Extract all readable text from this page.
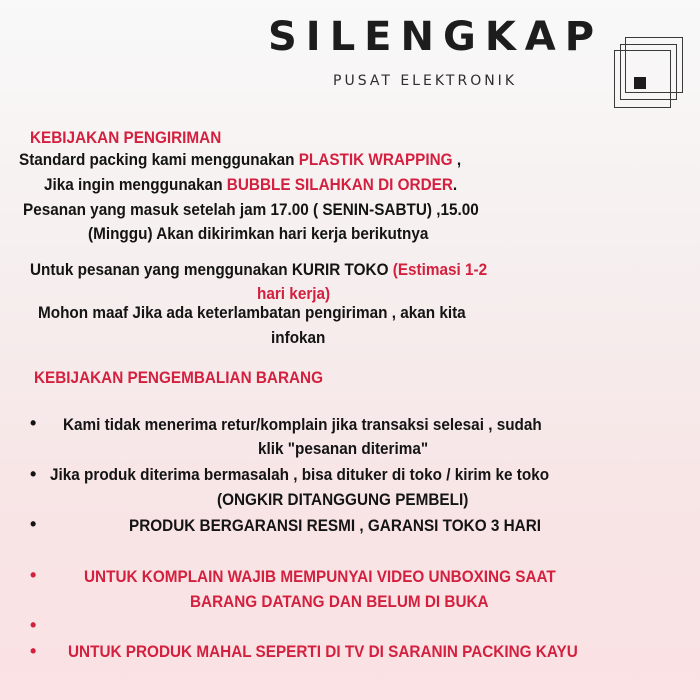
SILENGKAP
PUSAT ELEKTRONIK
KEBIJAKAN PENGIRIMAN
Standard packing kami menggunakan PLASTIK WRAPPING ,
Jika ingin menggunakan BUBBLE SILAHKAN DI ORDER.
Pesanan yang masuk setelah jam 17.00 ( SENIN-SABTU) ,15.00
(Minggu) Akan dikirimkan hari kerja berikutnya
Untuk pesanan yang menggunakan KURIR TOKO (Estimasi 1-2
hari kerja)
Mohon maaf Jika ada keterlambatan pengiriman , akan kita
infokan
KEBIJAKAN PENGEMBALIAN BARANG
• Kami tidak menerima retur/komplain jika transaksi selesai , sudah
klik "pesanan diterima"
• Jika produk diterima bermasalah , bisa dituker di toko / kirim ke toko
(ONGKIR DITANGGUNG PEMBELI)
•	PRODUK BERGARANSI RESMI , GARANSI TOKO 3 HARI
•	UNTUK KOMPLAIN WAJIB MEMPUNYAI VIDEO UNBOXING SAAT
BARANG DATANG DAN BELUM DI BUKA
•
• UNTUK PRODUK MAHAL SEPERTI DI TV DI SARANIN PACKING KAYU
